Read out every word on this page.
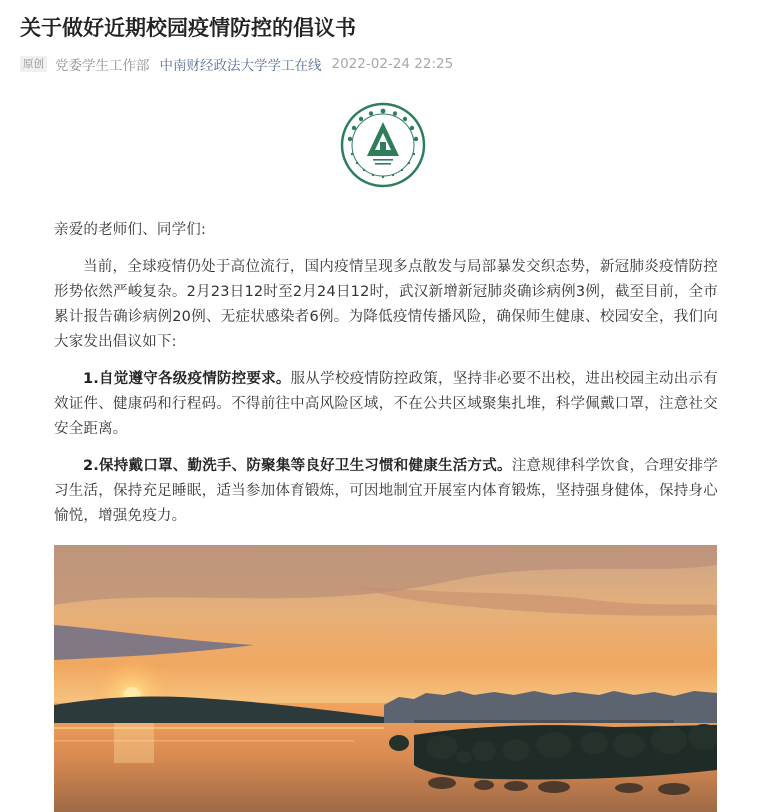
关于做好近期校园疫情防控的倡议书
原创 党委学生工作部 中南财经政法大学学工在线 2022-02-24 22:25

亲爱的老师们、同学们:

当前，全球疫情仍处于高位流行，国内疫情呈现多点散发与局部暴发交织态势，新冠肺炎疫情防控形势依然严峻复杂。2月23日12时至2月24日12时，武汉新增新冠肺炎确诊病例3例，截至目前，全市累计报告确诊病例20例、无症状感染者6例。为降低疫情传播风险，确保师生健康、校园安全，我们向大家发出倡议如下:

1.自觉遵守各级疫情防控要求。服从学校疫情防控政策，坚持非必要不出校，进出校园主动出示有效证件、健康码和行程码。不得前往中高风险区域，不在公共区域聚集扎堆，科学佩戴口罩，注意社交安全距离。

2.保持戴口罩、勤洗手、防聚集等良好卫生习惯和健康生活方式。注意规律科学饮食，合理安排学习生活，保持充足睡眠，适当参加体育锻炼，可因地制宜开展室内体育锻炼，坚持强身健体，保持身心愉悦，增强免疫力。
